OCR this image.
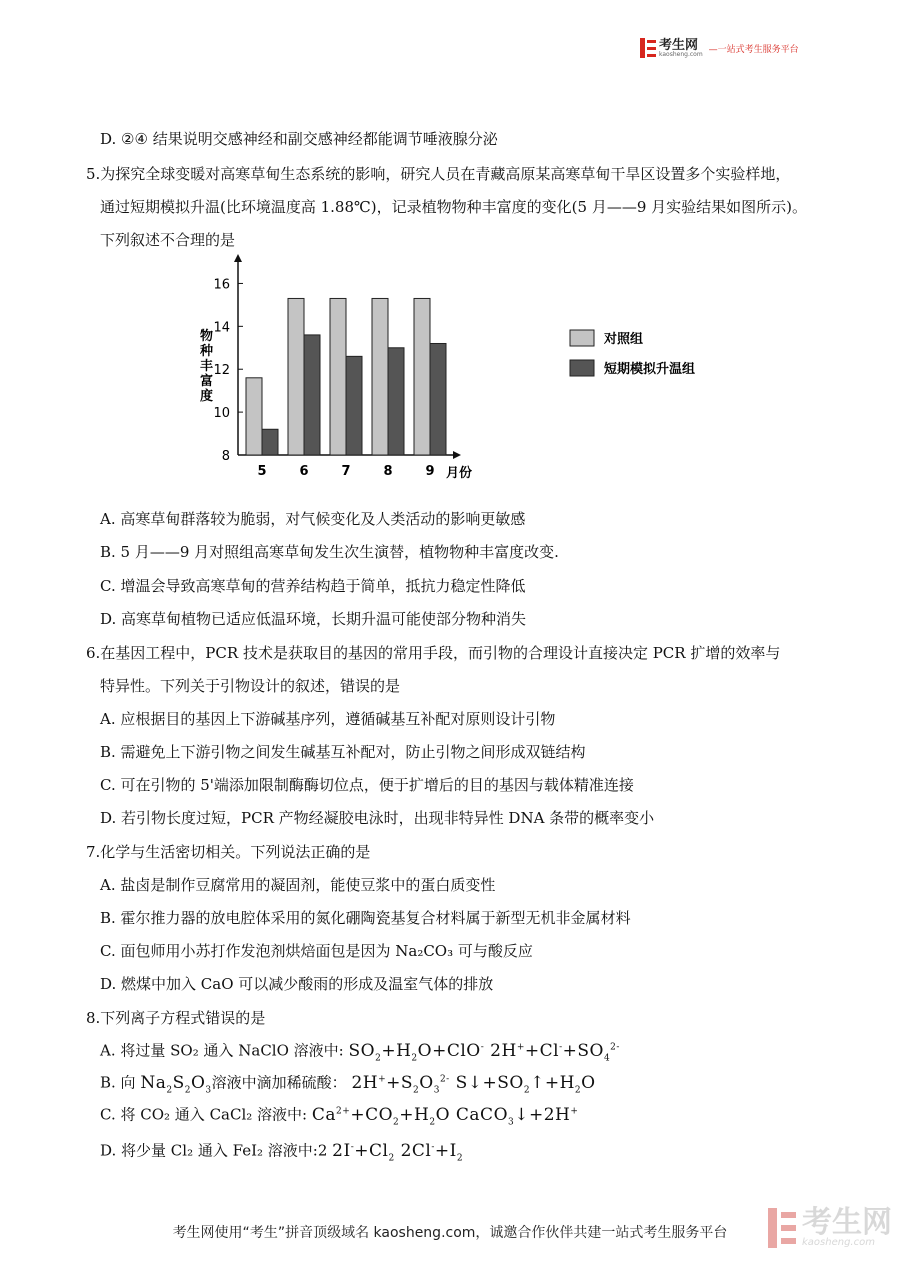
考生网
kaosheng.com —一站式考生服务平台
D. ②④ 结果说明交感神经和副交感神经都能调节唾液腺分泌
5.为探究全球变暖对高寒草甸生态系统的影响，研究人员在青藏高原某高寒草甸干旱区设置多个实验样地，
通过短期模拟升温(比环境温度高 1.88℃)，记录植物物种丰富度的变化(5 月——9 月实验结果如图所示)。
下列叙述不合理的是
8
10
12
14
16
5	6	7	8	9
物种丰富度
月份
对照组
短期模拟升温组
A. 高寒草甸群落较为脆弱，对气候变化及人类活动的影响更敏感
B. 5 月——9 月对照组高寒草甸发生次生演替，植物物种丰富度改变.
C. 增温会导致高寒草甸的营养结构趋于简单，抵抗力稳定性降低
D. 高寒草甸植物已适应低温环境，长期升温可能使部分物种消失
6.在基因工程中，PCR 技术是获取目的基因的常用手段，而引物的合理设计直接决定 PCR 扩增的效率与
特异性。下列关于引物设计的叙述，错误的是
A. 应根据目的基因上下游碱基序列，遵循碱基互补配对原则设计引物
B. 需避免上下游引物之间发生碱基互补配对，防止引物之间形成双链结构
C. 可在引物的 5'端添加限制酶酶切位点，便于扩增后的目的基因与载体精准连接
D. 若引物长度过短，PCR 产物经凝胶电泳时，出现非特异性 DNA 条带的概率变小
7.化学与生活密切相关。下列说法正确的是
A. 盐卤是制作豆腐常用的凝固剂，能使豆浆中的蛋白质变性
B. 霍尔推力器的放电腔体采用的氮化硼陶瓷基复合材料属于新型无机非金属材料
C. 面包师用小苏打作发泡剂烘焙面包是因为 Na₂CO₃ 可与酸反应
D. 燃煤中加入 CaO 可以减少酸雨的形成及温室气体的排放
8.下列离子方程式错误的是
A. 将过量 SO₂ 通入 NaClO 溶液中: $SO_2+H_2O+ClO^-$ $2H^++Cl^-+SO_4^{2-}$
B. 向 $Na_2S_2O_3$溶液中滴加稀硫酸： $2H^++S_2O_3^{2-}$ $S↓+SO_2↑+H_2O$
C. 将 CO₂ 通入 CaCl₂ 溶液中: $Ca^{2+}+CO_2+H_2O$ CaCO$_3$↓+2H+
D. 将少量 Cl₂ 通入 FeI₂ 溶液中:2 $2I^-+Cl_2$ $2Cl^-+I_2$
考生网使用“考生”拼音顶级域名 kaosheng.com，诚邀合作伙伴共建一站式考生服务平台	考生网
kaosheng.com
